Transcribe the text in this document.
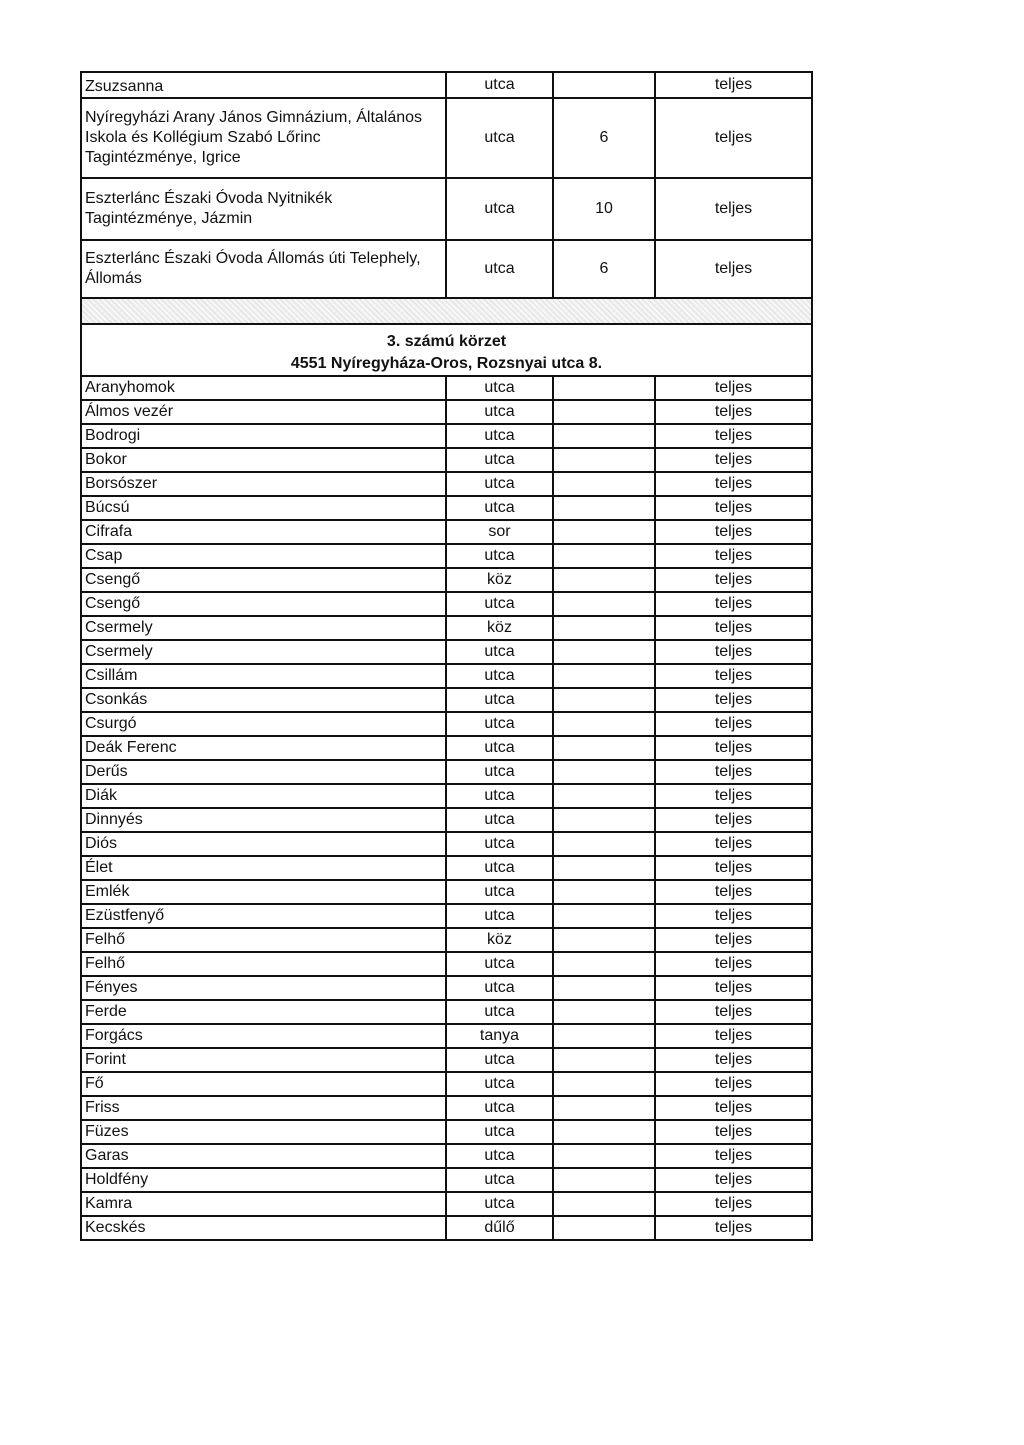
Zsuzsanna	utca		teljes

Nyíregyházi Arany János Gimnázium, Általános
Iskola és Kollégium Szabó Lőrinc
Tagintézménye, Igrice	utca	6	teljes

Eszterlánc Északi Óvoda Nyitnikék
Tagintézménye, Jázmin	utca	10	teljes

Eszterlánc Északi Óvoda Állomás úti Telephely,
Állomás	utca	6	teljes

3. számú körzet
4551 Nyíregyháza-Oros, Rozsnyai utca 8.			

Aranyhomok	utca		teljes
Álmos vezér	utca		teljes
Bodrogi	utca		teljes
Bokor	utca		teljes
Borsószer	utca		teljes
Búcsú	utca		teljes
Cifrafa	sor		teljes
Csap	utca		teljes
Csengő	köz		teljes
Csengő	utca		teljes
Csermely	köz		teljes
Csermely	utca		teljes
Csillám	utca		teljes
Csonkás	utca		teljes
Csurgó	utca		teljes
Deák Ferenc	utca		teljes
Derűs	utca		teljes
Diák	utca		teljes
Dinnyés	utca		teljes
Diós	utca		teljes
Élet	utca		teljes
Emlék	utca		teljes
Ezüstfenyő	utca		teljes
Felhő	köz		teljes
Felhő	utca		teljes
Fényes	utca		teljes
Ferde	utca		teljes
Forgács	tanya		teljes
Forint	utca		teljes
Fő	utca		teljes
Friss	utca		teljes
Füzes	utca		teljes
Garas	utca		teljes
Holdfény	utca		teljes
Kamra	utca		teljes
Kecskés	dűlő		teljes
